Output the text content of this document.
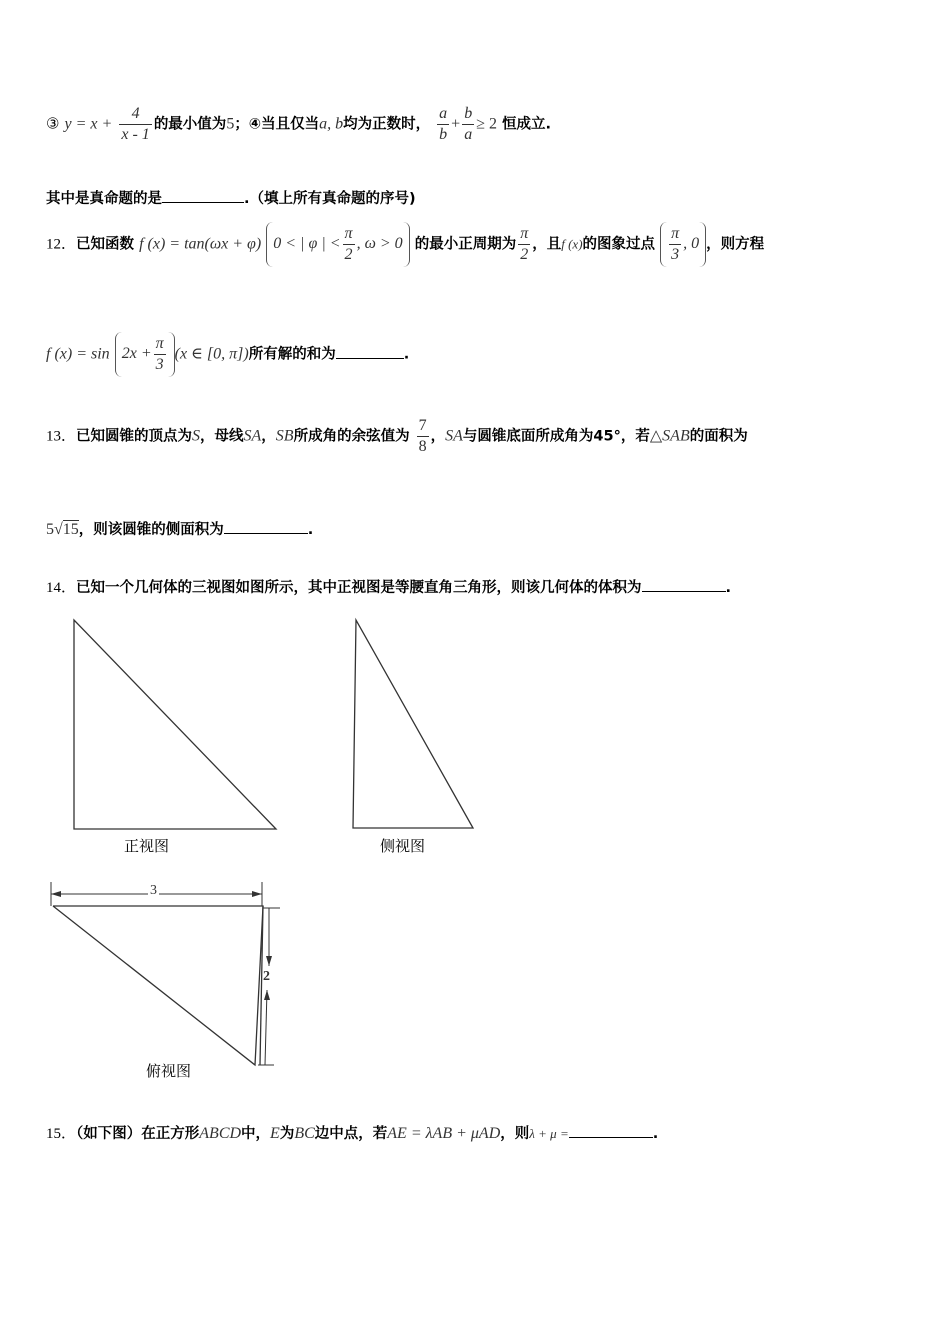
③ $y = x + \frac{4}{x - 1}$ 的最小值为5；④当且仅当a, b均为正数时， $\frac{a}{b} + \frac{b}{a} \ge 2$ 恒成立.
其中是真命题的是	.（填上所有真命题的序号)
12．已知函数 f (x) = tan(ωx + φ) 0 < | φ | < $\frac{\pi}{2}$ , ω > 0 的最小正周期为 $\frac{\pi}{2}$ ，且f (x)的图象过点 $\frac{\pi}{3}$ , 0 ，则方程
f $(x) = \sin 2x + \frac{\pi}{3} (x$ ∈ [0, π])所有解的和为	.
13．已知圆锥的顶点为S，母线SA，SB所成角的余弦值为 $\frac{7}{8}$ ，SA与圆锥底面所成角为45°，若△SAB的面积为
5√15，则该圆锥的侧面积为	.
14．已知一个几何体的三视图如图所示，其中正视图是等腰直角三角形，则该几何体的体积为	.
正视图	侧视图
俯视图
3
2
15．（如下图）在正方形ABCD中，E为BC边中点，若AE = λAB + μAD，则λ + μ =	.
